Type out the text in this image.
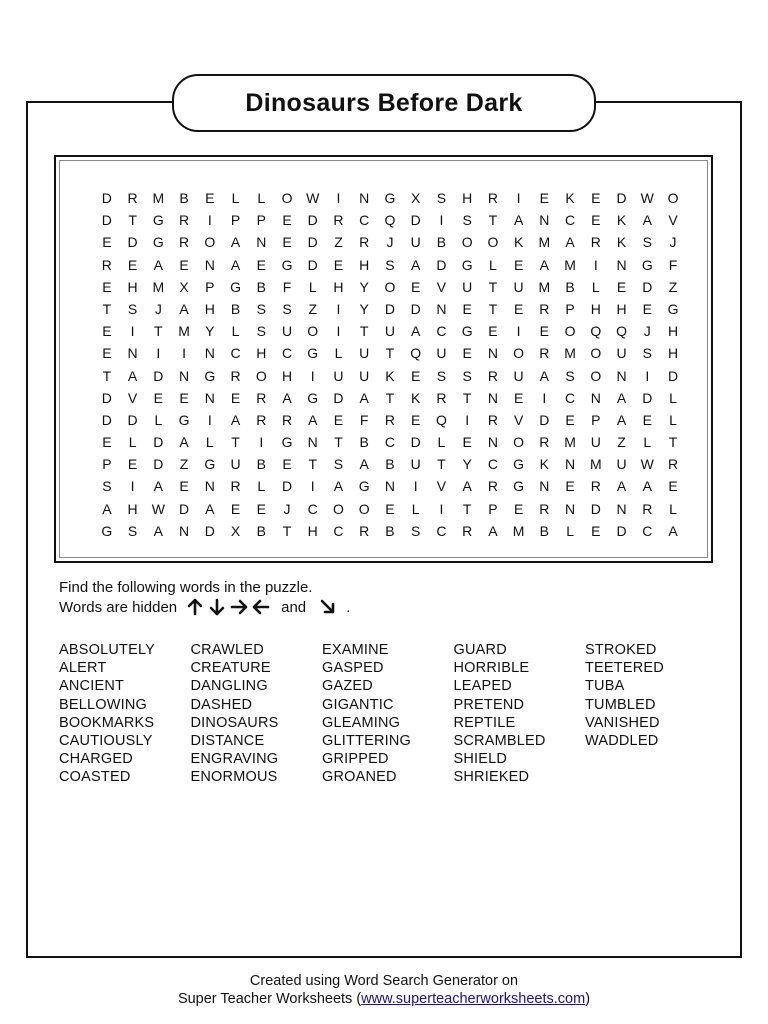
Dinosaurs Before Dark
D	R	M	B	E	L	L	O W	I	N	G	X	S	H	R	I	E	K	E	D	W O
D	T	G	R	I	P	P	E	D	R	C	Q	D	I	S	T	A	N	C	E	K	A	V
E	D	G	R	O	A	N	E	D	Z	R	J	U	B	O	O	K	M	A	R	K	S	J
R	E	A	E	N	A	E	G	D	E	H	S	A	D	G	L	E	A	M	I	N	G	F
E	H	M	X	P	G	B	F	L	H	Y	O	E	V	U	T	U	M	B	L	E	D	Z
T	S	J	A	H	B	S	S	Z	I	Y	D	D	N	E	T	E	R	P	H	H	E	G
E	I	T	M	Y	L	S	U	O	I	T	U	A	C	G	E	I	E	O	Q	Q	J	H
E	N	I	I	N	C	H	C	G	L	U	T	Q	U	E	N	O	R	M	O	U	S	H
T	A	D	N	G	R	O	H	I	U	U	K	E	S	S	R	U	A	S	O	N	I	D
D	V	E	E	N	E	R	A	G	D	A	T	K	R	T	N	E	I	C	N	A	D	L
D	D	L	G	I	A	R	R	A	E	F	R	E	Q	I	R	V	D	E	P	A	E	L
E	L	D	A	L	T	I	G	N	T	B	C	D	L	E	N	O	R	M	U	Z	L	T
P	E	D	Z	G	U	B	E	T	S	A	B	U	T	Y	C	G	K	N	M	U	W	R
S	I	A	E	N	R	L	D	I	A	G	N	I	V	A	R	G	N	E	R	A	A	E
A	H	W	D	A	E	E	J	C	O	O	E	L	I	T	P	E	R	N	D	N	R	L
G	S	A	N	D	X	B	T	H	C	R	B	S	C	R	A	M	B	L	E	D	C	A
Find the following words in the puzzle.
Words are hidden	and	.
ABSOLUTELY
ALERT
ANCIENT
BELLOWING
BOOKMARKS
CAUTIOUSLY
CHARGED
COASTED
CRAWLED
CREATURE
DANGLING
DASHED
DINOSAURS
DISTANCE
ENGRAVING
ENORMOUS
EXAMINE
GASPED
GAZED
GIGANTIC
GLEAMING
GLITTERING
GRIPPED
GROANED
GUARD
HORRIBLE
LEAPED
PRETEND
REPTILE
SCRAMBLED
SHIELD
SHRIEKED
STROKED
TEETERED
TUBA
TUMBLED
VANISHED
WADDLED
Created using Word Search Generator on
Super Teacher Worksheets (www.superteacherworksheets.com)
